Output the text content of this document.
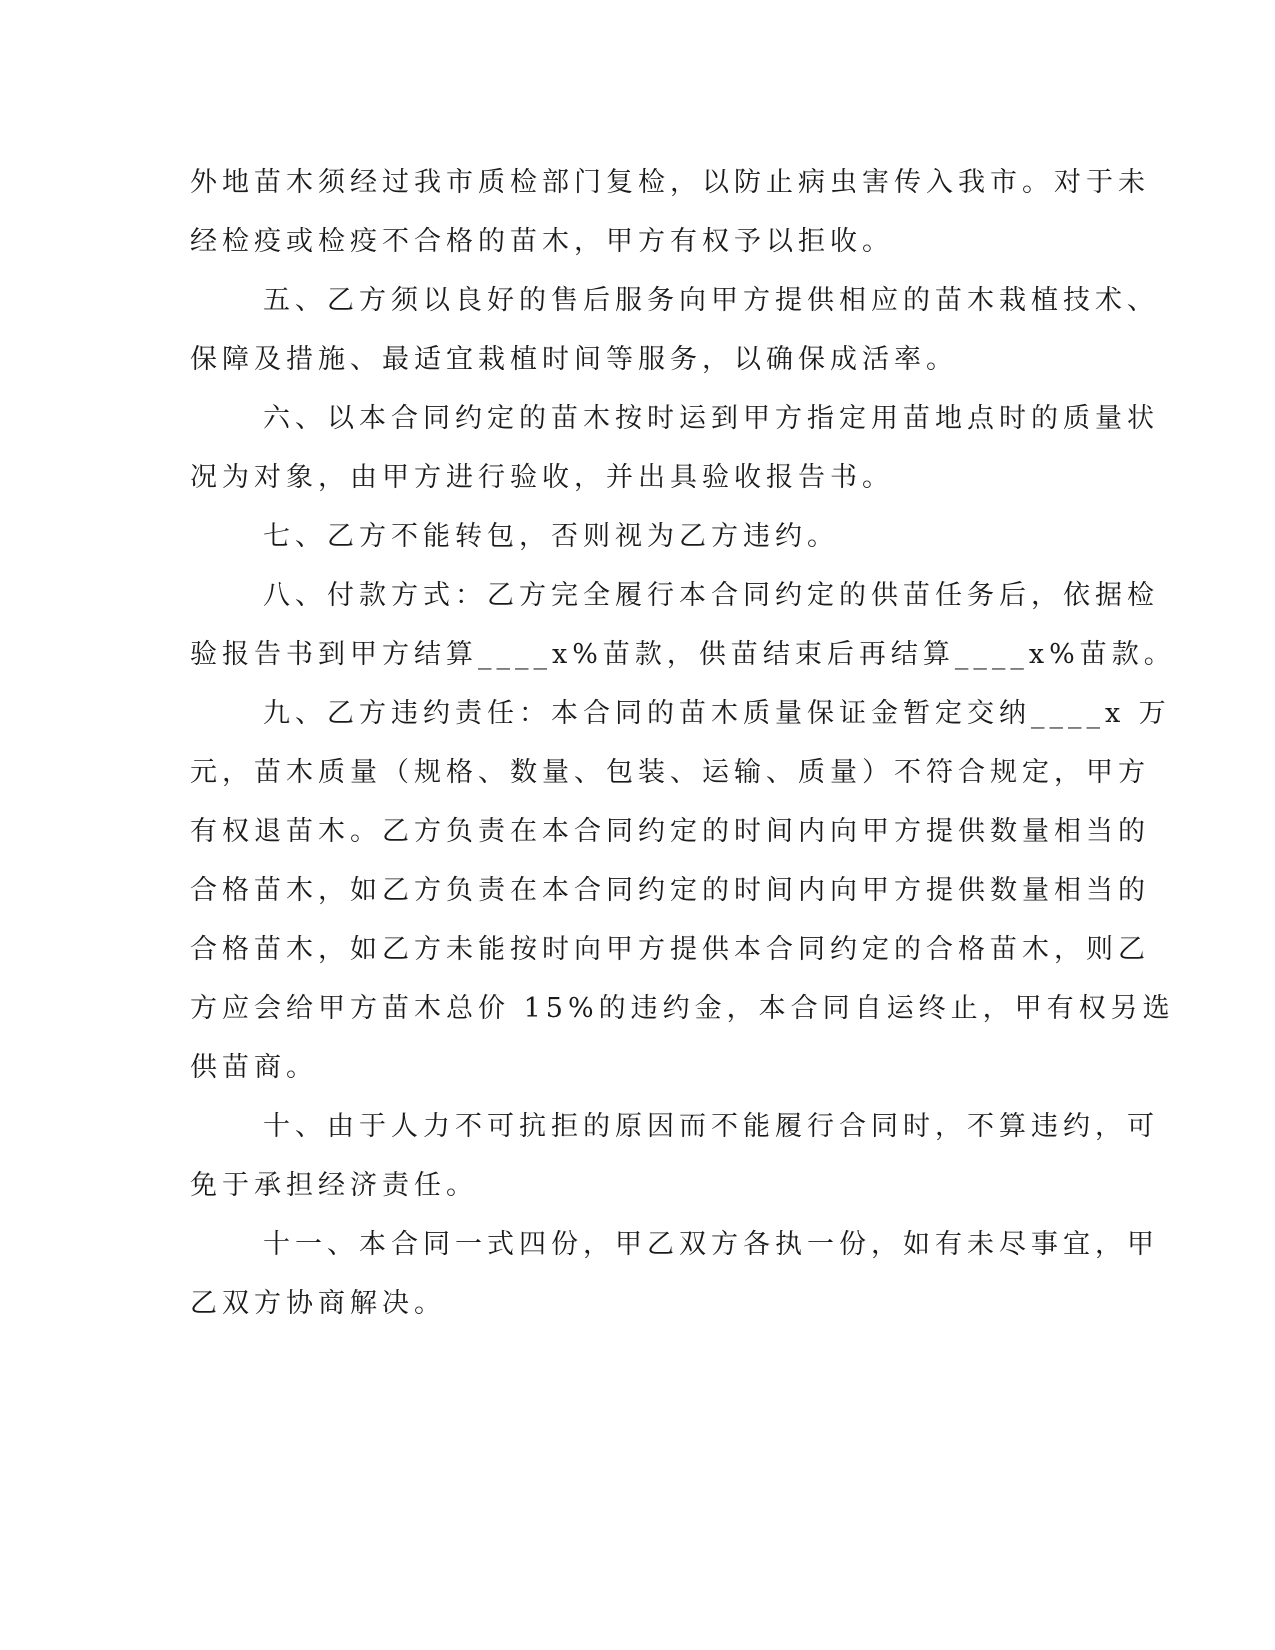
外地苗木须经过我市质检部门复检，以防止病虫害传入我市。对于未
经检疫或检疫不合格的苗木，甲方有权予以拒收。
五、乙方须以良好的售后服务向甲方提供相应的苗木栽植技术、
保障及措施、最适宜栽植时间等服务，以确保成活率。
六、以本合同约定的苗木按时运到甲方指定用苗地点时的质量状
况为对象，由甲方进行验收，并出具验收报告书。
七、乙方不能转包，否则视为乙方违约。
八、付款方式：乙方完全履行本合同约定的供苗任务后，依据检
验报告书到甲方结算____x%苗款，供苗结束后再结算____x%苗款。
九、乙方违约责任：本合同的苗木质量保证金暂定交纳____x 万
元，苗木质量（规格、数量、包装、运输、质量）不符合规定，甲方
有权退苗木。乙方负责在本合同约定的时间内向甲方提供数量相当的
合格苗木，如乙方负责在本合同约定的时间内向甲方提供数量相当的
合格苗木，如乙方未能按时向甲方提供本合同约定的合格苗木，则乙
方应会给甲方苗木总价 15%的违约金，本合同自运终止，甲有权另选
供苗商。
十、由于人力不可抗拒的原因而不能履行合同时，不算违约，可
免于承担经济责任。
十一、本合同一式四份，甲乙双方各执一份，如有未尽事宜，甲
乙双方协商解决。
